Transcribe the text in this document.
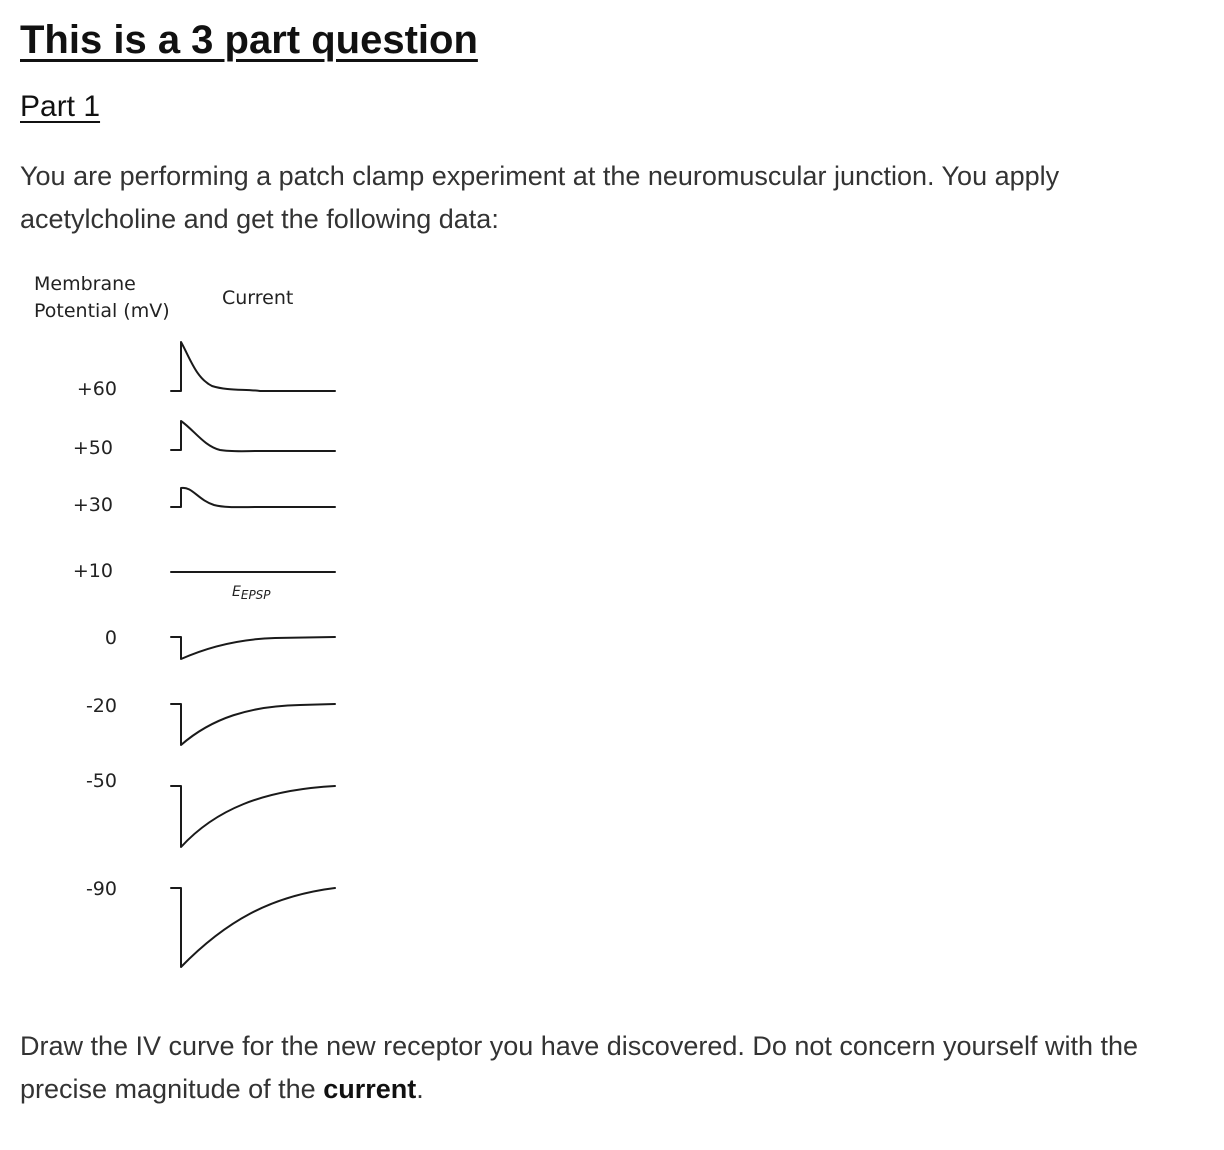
This is a 3 part question
Part 1

You are performing a patch clamp experiment at the neuromuscular junction. You apply acetylcholine and get the following data:

Membrane
Potential (mV)
Current
+60
+50
+30
+10
0
-20
-50
-90
EEPSP

Draw the IV curve for the new receptor you have discovered. Do not concern yourself with the precise magnitude of the current.
